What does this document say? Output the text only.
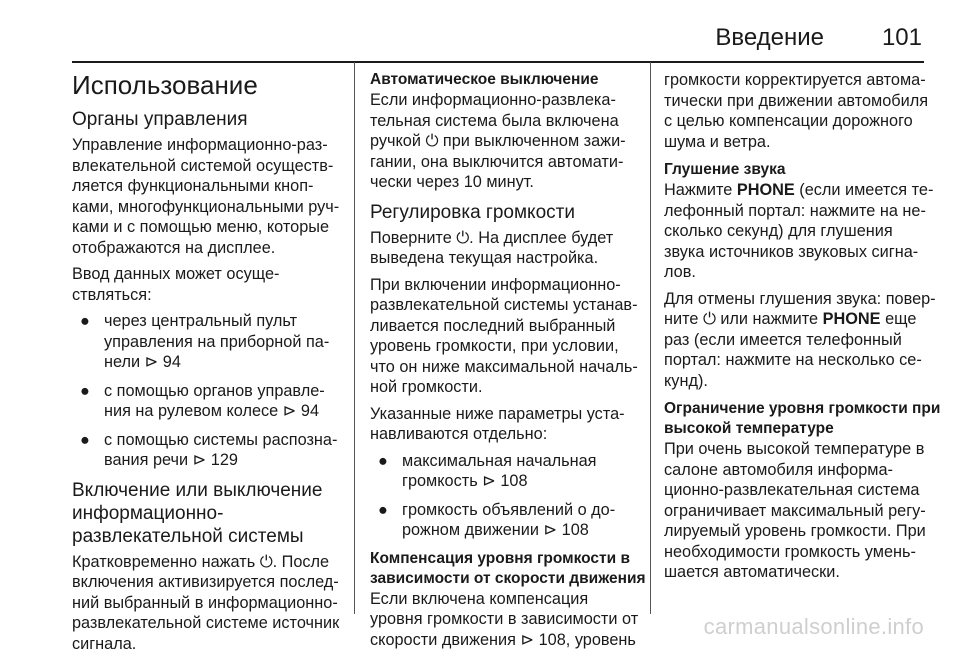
Введение 101
Использование
Органы управления

Управление информационно-раз-
влекательной системой осуществ-
ляется функциональными кноп-
ками, многофункциональными руч-
ками и с помощью меню, которые
отображаются на дисплее.

Ввод данных может осуще-
ствляться:

● через центральный пульт
управления на приборной па-
нели ⊳ 94
● с помощью органов управле-
ния на рулевом колесе ⊳ 94
● с помощью системы распозна-
вания речи ⊳ 129
Включение или выключение
информационно-
развлекательной системы

Кратковременно нажать ⏻. После
включения активизируется послед-
ний выбранный в информационно-
развлекательной системе источник
сигнала.

Автоматическое выключение

Если информационно-развлека-
тельная система была включена
ручкой ⏻ при выключенном зажи-
гании, она выключится автомати-
чески через 10 минут.

Регулировка громкости

Поверните ⏻. На дисплее будет
выведена текущая настройка.

При включении информационно-
развлекательной системы устанав-
ливается последний выбранный
уровень громкости, при условии,
что он ниже максимальной началь-
ной громкости.

Указанные ниже параметры уста-
навливаются отдельно:

● максимальная начальная
громкость ⊳ 108
● громкость объявлений о до-
рожном движении ⊳ 108
Компенсация уровня громкости в
зависимости от скорости движения

Если включена компенсация
уровня громкости в зависимости от
скорости движения ⊳ 108, уровень

громкости корректируется автома-
тически при движении автомобиля
с целью компенсации дорожного
шума и ветра.

Глушение звука

Нажмите PHONE (если имеется те-
лефонный портал: нажмите на не-
сколько секунд) для глушения
звука источников звуковых сигна-
лов.

Для отмены глушения звука: повер-
ните ⏻ или нажмите PHONE еще
раз (если имеется телефонный
портал: нажмите на несколько се-
кунд).

Ограничение уровня громкости при
высокой температуре

При очень высокой температуре в
салоне автомобиля информа-
ционно-развлекательная система
ограничивает максимальный регу-
лируемый уровень громкости. При
необходимости громкость умень-
шается автоматически.

carmanualsonline.info
